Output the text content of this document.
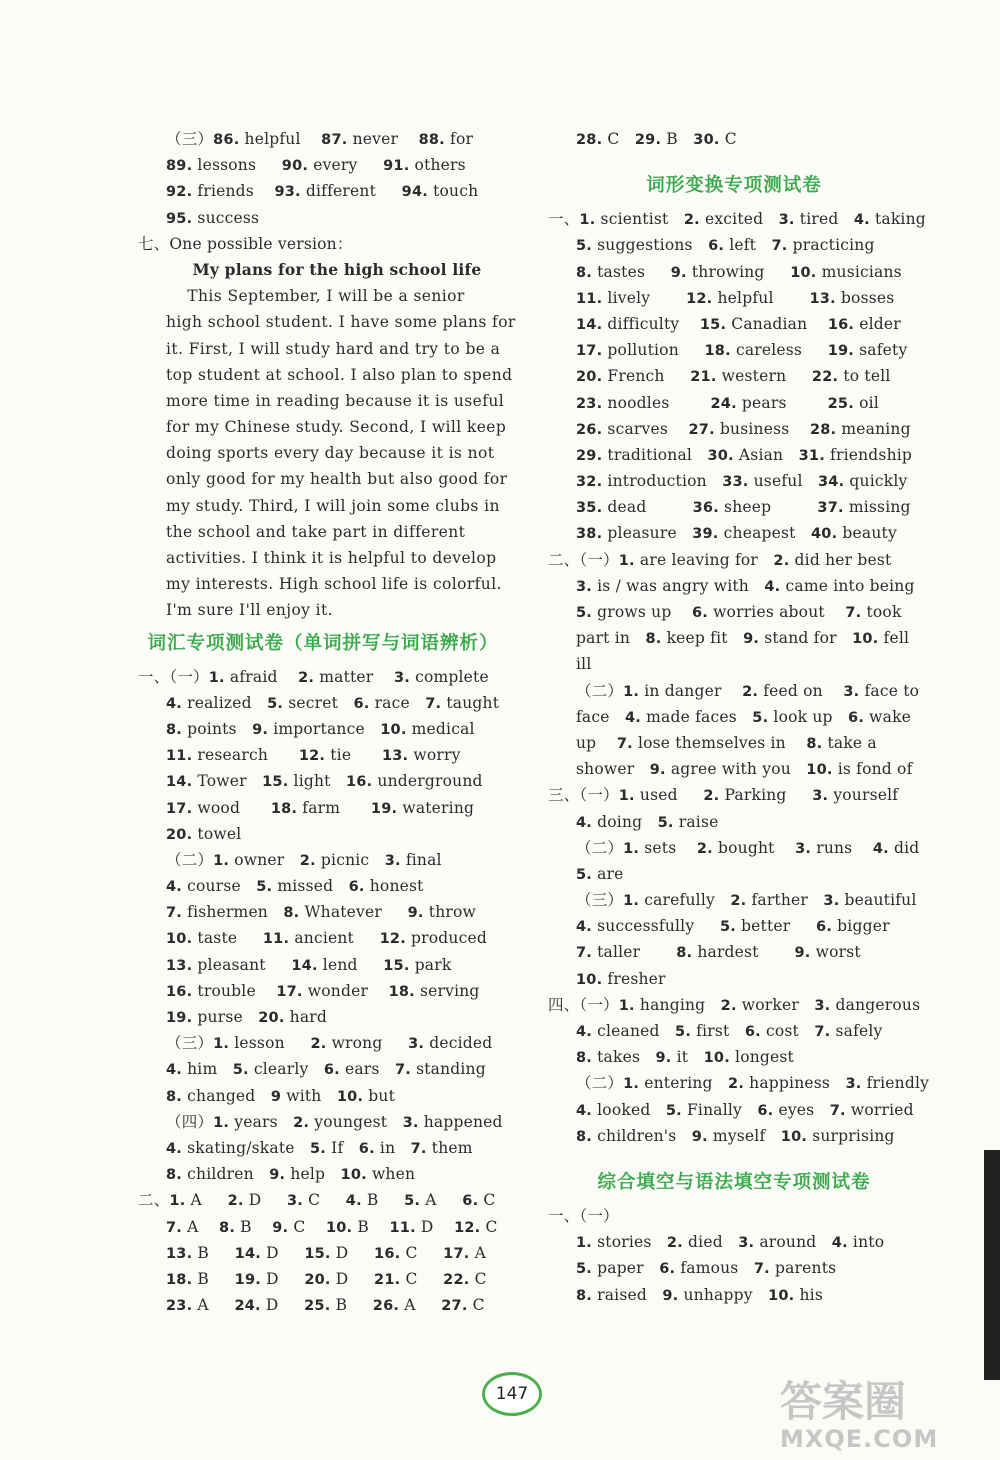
（三）86. helpful    87. never    88. for
89. lessons     90. every     91. others
92. friends    93. different     94. touch
95. success
七、One possible version：
My plans for the high school life
This September, I will be a senior
high school student. I have some plans for
it. First, I will study hard and try to be a
top student at school. I also plan to spend
more time in reading because it is useful
for my Chinese study. Second, I will keep
doing sports every day because it is not
only good for my health but also good for
my study. Third, I will join some clubs in
the school and take part in different
activities. I think it is helpful to develop
my interests. High school life is colorful.
I'm sure I'll enjoy it.
词汇专项测试卷（单词拼写与词语辨析）
一、（一）1. afraid    2. matter    3. complete
4. realized   5. secret   6. race   7. taught
8. points   9. importance   10. medical
11. research      12. tie      13. worry
14. Tower   15. light   16. underground
17. wood      18. farm      19. watering
20. towel
（二）1. owner   2. picnic   3. final
4. course   5. missed   6. honest
7. fishermen   8. Whatever     9. throw
10. taste     11. ancient     12. produced
13. pleasant     14. lend     15. park
16. trouble    17. wonder    18. serving
19. purse   20. hard
（三）1. lesson     2. wrong     3. decided
4. him   5. clearly   6. ears   7. standing
8. changed   9 with   10. but
（四）1. years   2. youngest   3. happened
4. skating/skate   5. If   6. in   7. them
8. children   9. help   10. when
二、1. A     2. D     3. C     4. B     5. A     6. C
7. A    8. B    9. C    10. B    11. D    12. C
13. B     14. D     15. D     16. C     17. A
18. B     19. D     20. D     21. C     22. C
23. A     24. D     25. B     26. A     27. C
28. C   29. B   30. C
词形变换专项测试卷
一、1. scientist   2. excited   3. tired   4. taking
5. suggestions   6. left   7. practicing
8. tastes     9. throwing     10. musicians
11. lively       12. helpful       13. bosses
14. difficulty    15. Canadian    16. elder
17. pollution     18. careless     19. safety
20. French     21. western     22. to tell
23. noodles        24. pears        25. oil
26. scarves    27. business    28. meaning
29. traditional   30. Asian   31. friendship
32. introduction   33. useful   34. quickly
35. dead         36. sheep         37. missing
38. pleasure   39. cheapest   40. beauty
二、（一）1. are leaving for   2. did her best
3. is / was angry with   4. came into being
5. grows up    6. worries about    7. took
part in   8. keep fit   9. stand for   10. fell
ill
（二）1. in danger    2. feed on    3. face to
face   4. made faces   5. look up   6. wake
up    7. lose themselves in    8. take a
shower   9. agree with you   10. is fond of
三、（一）1. used     2. Parking     3. yourself
4. doing   5. raise
（二）1. sets    2. bought    3. runs    4. did
5. are
（三）1. carefully   2. farther   3. beautiful
4. successfully     5. better     6. bigger
7. taller       8. hardest       9. worst
10. fresher
四、（一）1. hanging   2. worker   3. dangerous
4. cleaned   5. first   6. cost   7. safely
8. takes   9. it   10. longest
（二）1. entering   2. happiness   3. friendly
4. looked   5. Finally   6. eyes   7. worried
8. children's   9. myself   10. surprising
综合填空与语法填空专项测试卷
一、（一）
1. stories   2. died   3. around   4. into
5. paper   6. famous   7. parents
8. raised   9. unhappy   10. his
147	答案圈
MXQE.COM
